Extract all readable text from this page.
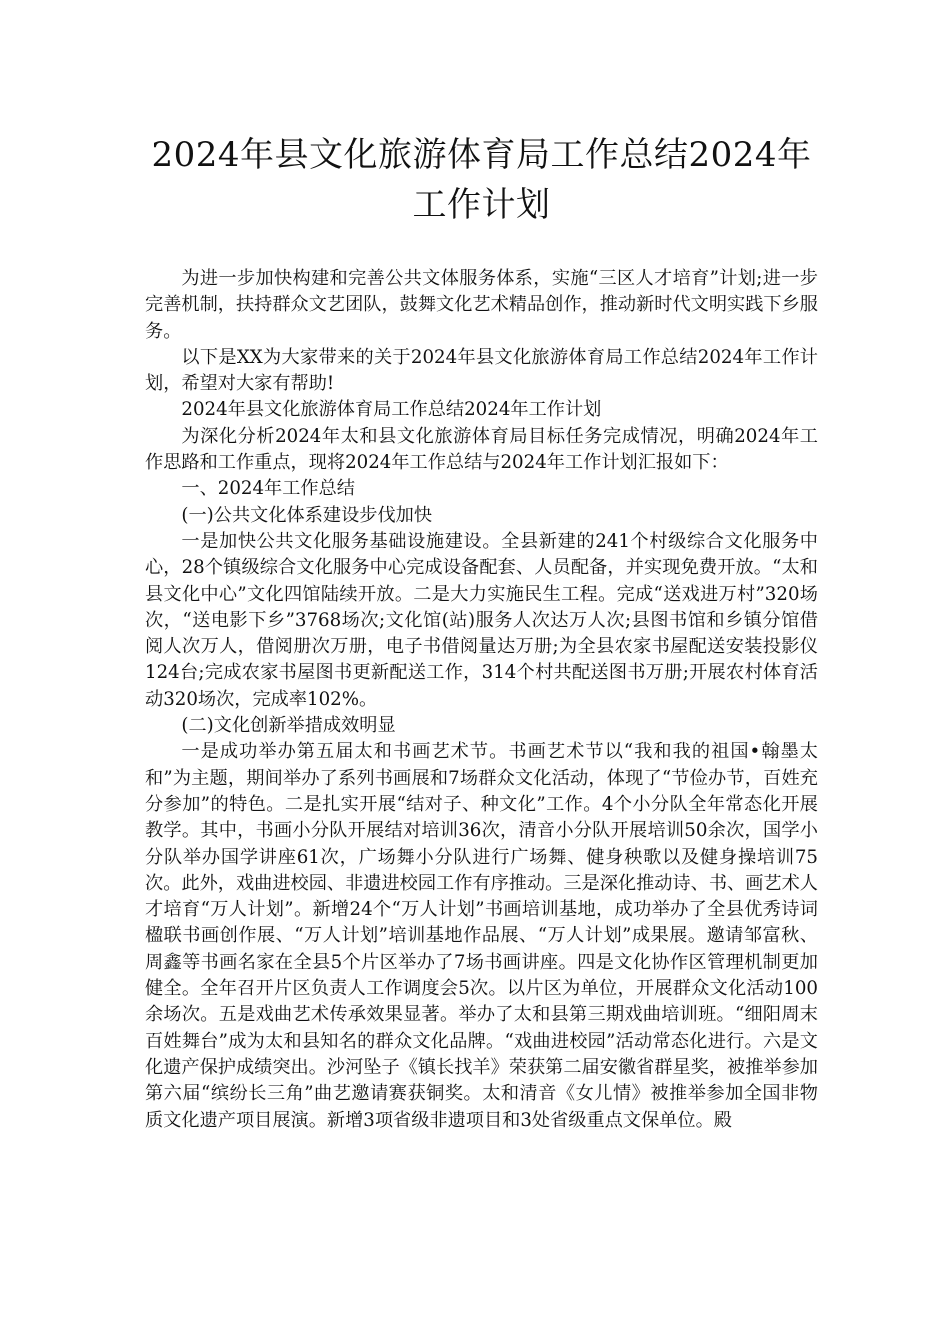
2024年县文化旅游体育局工作总结2024年工作计划

为进一步加快构建和完善公共文体服务体系，实施“三区人才培育”计划;进一步完善机制，扶持群众文艺团队，鼓舞文化艺术精品创作，推动新时代文明实践下乡服务。

以下是XX为大家带来的关于2024年县文化旅游体育局工作总结2024年工作计划，希望对大家有帮助!

2024年县文化旅游体育局工作总结2024年工作计划

为深化分析2024年太和县文化旅游体育局目标任务完成情况，明确2024年工作思路和工作重点，现将2024年工作总结与2024年工作计划汇报如下：

一、2024年工作总结

(一)公共文化体系建设步伐加快

一是加快公共文化服务基础设施建设。全县新建的241个村级综合文化服务中心，28个镇级综合文化服务中心完成设备配套、人员配备，并实现免费开放。“太和县文化中心”文化四馆陆续开放。二是大力实施民生工程。完成“送戏进万村”320场次，“送电影下乡”3768场次;文化馆(站)服务人次达万人次;县图书馆和乡镇分馆借阅人次万人，借阅册次万册，电子书借阅量达万册;为全县农家书屋配送安装投影仪124台;完成农家书屋图书更新配送工作，314个村共配送图书万册;开展农村体育活动320场次，完成率102%。

(二)文化创新举措成效明显

一是成功举办第五届太和书画艺术节。书画艺术节以“我和我的祖国•翰墨太和”为主题，期间举办了系列书画展和7场群众文化活动，体现了“节俭办节，百姓充分参加”的特色。二是扎实开展“结对子、种文化”工作。4个小分队全年常态化开展教学。其中，书画小分队开展结对培训36次，清音小分队开展培训50余次，国学小分队举办国学讲座61次，广场舞小分队进行广场舞、健身秧歌以及健身操培训75次。此外，戏曲进校园、非遗进校园工作有序推动。三是深化推动诗、书、画艺术人才培育“万人计划”。新增24个“万人计划”书画培训基地，成功举办了全县优秀诗词楹联书画创作展、“万人计划”培训基地作品展、“万人计划”成果展。邀请邹富秋、周鑫等书画名家在全县5个片区举办了7场书画讲座。四是文化协作区管理机制更加健全。全年召开片区负责人工作调度会5次。以片区为单位，开展群众文化活动100余场次。五是戏曲艺术传承效果显著。举办了太和县第三期戏曲培训班。“细阳周末百姓舞台”成为太和县知名的群众文化品牌。“戏曲进校园”活动常态化进行。六是文化遗产保护成绩突出。沙河坠子《镇长找羊》荣获第二届安徽省群星奖，被推举参加第六届“缤纷长三角”曲艺邀请赛获铜奖。太和清音《女儿情》被推举参加全国非物质文化遗产项目展演。新增3项省级非遗项目和3处省级重点文保单位。殿
